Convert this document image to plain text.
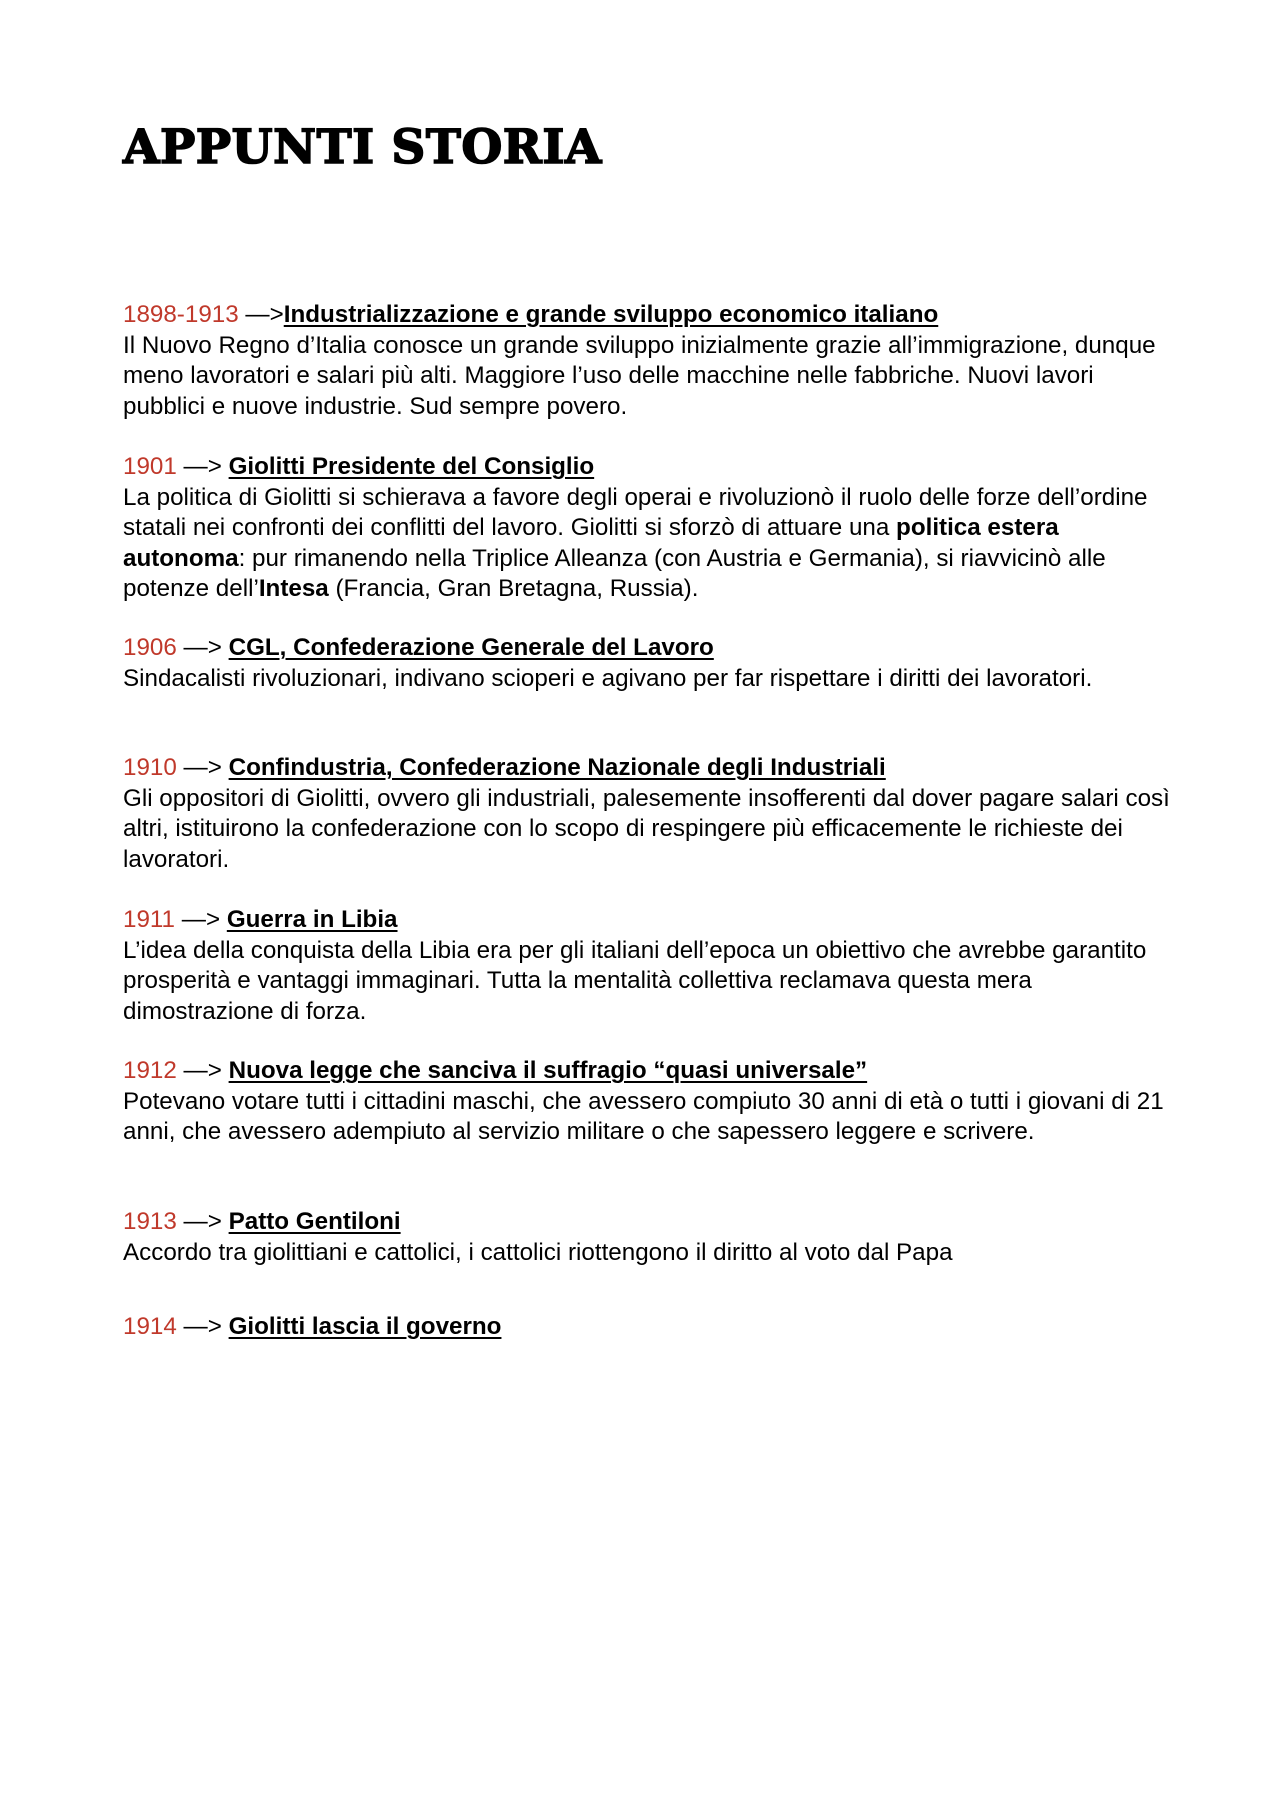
APPUNTI STORIA

1898-1913 —>Industrializzazione e grande sviluppo economico italiano

Il Nuovo Regno d’Italia conosce un grande sviluppo inizialmente grazie all’immigrazione, dunque meno lavoratori e salari più alti. Maggiore l’uso delle macchine nelle fabbriche. Nuovi lavori pubblici e nuove industrie. Sud sempre povero.

1901 —> Giolitti Presidente del Consiglio

La politica di Giolitti si schierava a favore degli operai e rivoluzionò il ruolo delle forze dell’ordine statali nei confronti dei conflitti del lavoro. Giolitti si sforzò di attuare una politica estera autonoma: pur rimanendo nella Triplice Alleanza (con Austria e Germania), si riavvicinò alle potenze dell’Intesa (Francia, Gran Bretagna, Russia).

1906 —> CGL, Confederazione Generale del Lavoro

Sindacalisti rivoluzionari, indivano scioperi e agivano per far rispettare i diritti dei lavoratori.

1910 —> Confindustria, Confederazione Nazionale degli Industriali

Gli oppositori di Giolitti, ovvero gli industriali, palesemente insofferenti dal dover pagare salari così altri, istituirono la confederazione con lo scopo di respingere più efficacemente le richieste dei lavoratori.

1911 —> Guerra in Libia

L’idea della conquista della Libia era per gli italiani dell’epoca un obiettivo che avrebbe garantito prosperità e vantaggi immaginari. Tutta la mentalità collettiva reclamava questa mera dimostrazione di forza.

1912 —> Nuova legge che sanciva il suffragio “quasi universale”

Potevano votare tutti i cittadini maschi, che avessero compiuto 30 anni di età o tutti i giovani di 21 anni, che avessero adempiuto al servizio militare o che sapessero leggere e scrivere.

1913 —> Patto Gentiloni

Accordo tra giolittiani e cattolici, i cattolici riottengono il diritto al voto dal Papa

1914 —> Giolitti lascia il governo
